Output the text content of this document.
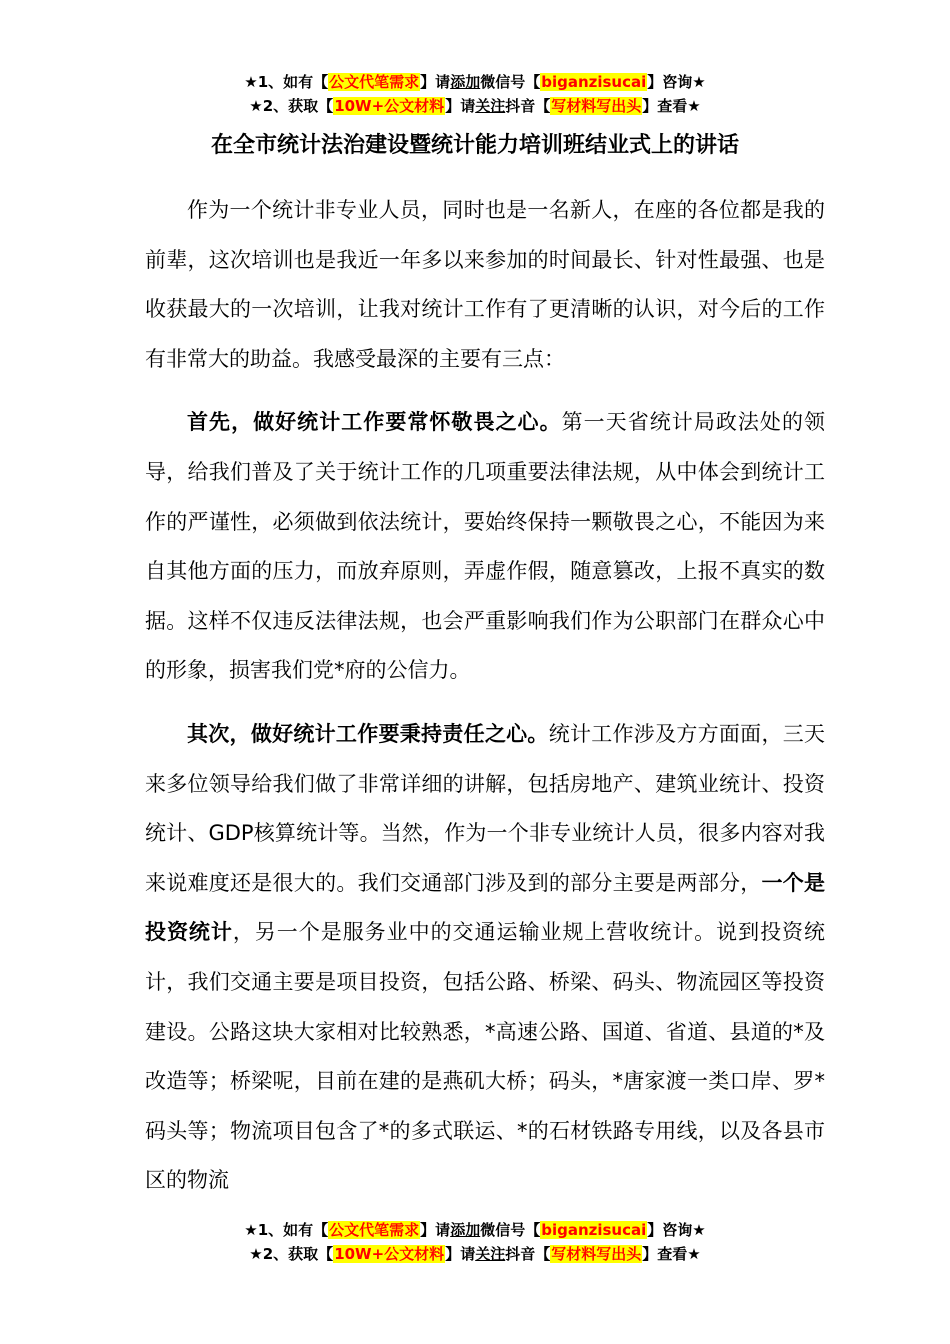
★1、如有【公文代笔需求】请添加微信号【biganzisucai】咨询★
★2、获取【10W+公文材料】请关注抖音【写材料写出头】查看★
在全市统计法治建设暨统计能力培训班结业式上的讲话

作为一个统计非专业人员，同时也是一名新人，在座的各位都是我的前辈，这次培训也是我近一年多以来参加的时间最长、针对性最强、也是收获最大的一次培训，让我对统计工作有了更清晰的认识，对今后的工作有非常大的助益。我感受最深的主要有三点：

首先，做好统计工作要常怀敬畏之心。第一天省统计局政法处的领导，给我们普及了关于统计工作的几项重要法律法规，从中体会到统计工作的严谨性，必须做到依法统计，要始终保持一颗敬畏之心，不能因为来自其他方面的压力，而放弃原则，弄虚作假，随意篡改，上报不真实的数据。这样不仅违反法律法规，也会严重影响我们作为公职部门在群众心中的形象，损害我们党*府的公信力。

其次，做好统计工作要秉持责任之心。统计工作涉及方方面面，三天来多位领导给我们做了非常详细的讲解，包括房地产、建筑业统计、投资统计、GDP核算统计等。当然，作为一个非专业统计人员，很多内容对我来说难度还是很大的。我们交通部门涉及到的部分主要是两部分，一个是投资统计，另一个是服务业中的交通运输业规上营收统计。说到投资统计，我们交通主要是项目投资，包括公路、桥梁、码头、物流园区等投资建设。公路这块大家相对比较熟悉，*高速公路、国道、省道、县道的*及改造等；桥梁呢，目前在建的是燕矶大桥；码头，*唐家渡一类口岸、罗*码头等；物流项目包含了*的多式联运、*的石材铁路专用线，以及各县市区的物流

★1、如有【公文代笔需求】请添加微信号【biganzisucai】咨询★
★2、获取【10W+公文材料】请关注抖音【写材料写出头】查看★
